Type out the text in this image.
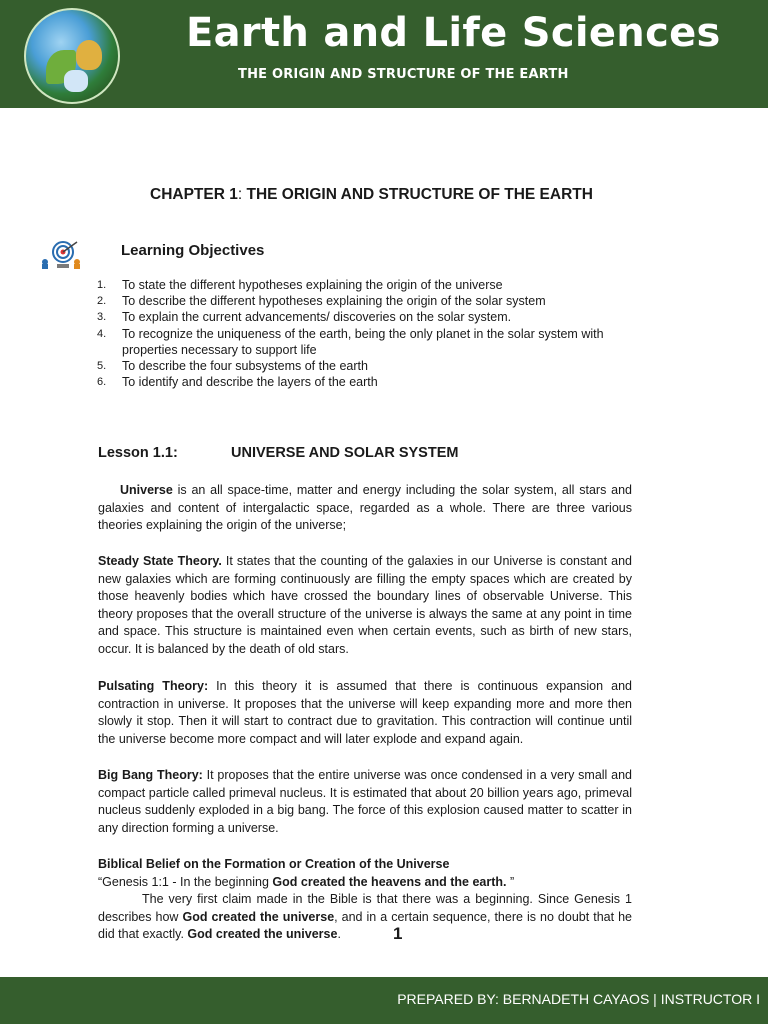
Earth and Life Sciences
THE ORIGIN AND STRUCTURE OF THE EARTH
CHAPTER 1: THE ORIGIN AND STRUCTURE OF THE EARTH
Learning Objectives
1. To state the different hypotheses explaining the origin of the universe
2. To describe the different hypotheses explaining the origin of the solar system
3. To explain the current advancements/ discoveries on the solar system.
4. To recognize the uniqueness of the earth, being the only planet in the solar system with properties necessary to support life
5. To describe the four subsystems of the earth
6. To identify and describe the layers of the earth
Lesson 1.1:	UNIVERSE AND SOLAR SYSTEM

Universe is an all space-time, matter and energy including the solar system, all stars and galaxies and content of intergalactic space, regarded as a whole. There are three various theories explaining the origin of the universe;

Steady State Theory. It states that the counting of the galaxies in our Universe is constant and new galaxies which are forming continuously are filling the empty spaces which are created by those heavenly bodies which have crossed the boundary lines of observable Universe. This theory proposes that the overall structure of the universe is always the same at any point in time and space. This structure is maintained even when certain events, such as birth of new stars, occur. It is balanced by the death of old stars.

Pulsating Theory: In this theory it is assumed that there is continuous expansion and contraction in universe. It proposes that the universe will keep expanding more and more then slowly it stop. Then it will start to contract due to gravitation. This contraction will continue until the universe become more compact and will later explode and expand again.

Big Bang Theory: It proposes that the entire universe was once condensed in a very small and compact particle called primeval nucleus. It is estimated that about 20 billion years ago, primeval nucleus suddenly exploded in a big bang. The force of this explosion caused matter to scatter in any direction forming a universe.

Biblical Belief on the Formation or Creation of the Universe
“Genesis 1:1 - In the beginning God created the heavens and the earth. ”
The very first claim made in the Bible is that there was a beginning. Since Genesis 1 describes how God created the universe, and in a certain sequence, there is no doubt that he did that exactly. God created the universe.	1
PREPARED BY: BERNADETH CAYAOS | INSTRUCTOR I
